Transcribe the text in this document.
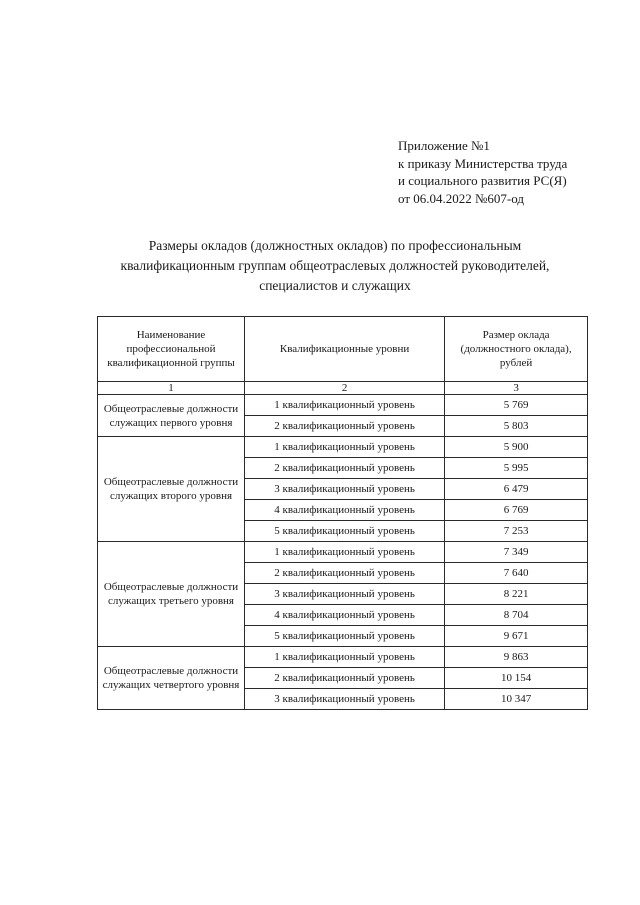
Приложение №1
к приказу Министерства труда
и социального развития РС(Я)
от 06.04.2022 №607-од
Размеры окладов (должностных окладов) по профессиональным квалификационным группам общеотраслевых должностей руководителей, специалистов и служащих
Наименование профессиональной квалификационной группы	Квалификационные уровни	Размер оклада (должностного оклада), рублей
1	2	3
Общеотраслевые должности служащих первого уровня	1 квалификационный уровень	5 769
	2 квалификационный уровень	5 803
Общеотраслевые должности служащих второго уровня	1 квалификационный уровень	5 900
	2 квалификационный уровень	5 995
	3 квалификационный уровень	6 479
	4 квалификационный уровень	6 769
	5 квалификационный уровень	7 253
Общеотраслевые должности служащих третьего уровня	1 квалификационный уровень	7 349
	2 квалификационный уровень	7 640
	3 квалификационный уровень	8 221
	4 квалификационный уровень	8 704
	5 квалификационный уровень	9 671
Общеотраслевые должности служащих четвертого уровня	1 квалификационный уровень	9 863
	2 квалификационный уровень	10 154
	3 квалификационный уровень	10 347
